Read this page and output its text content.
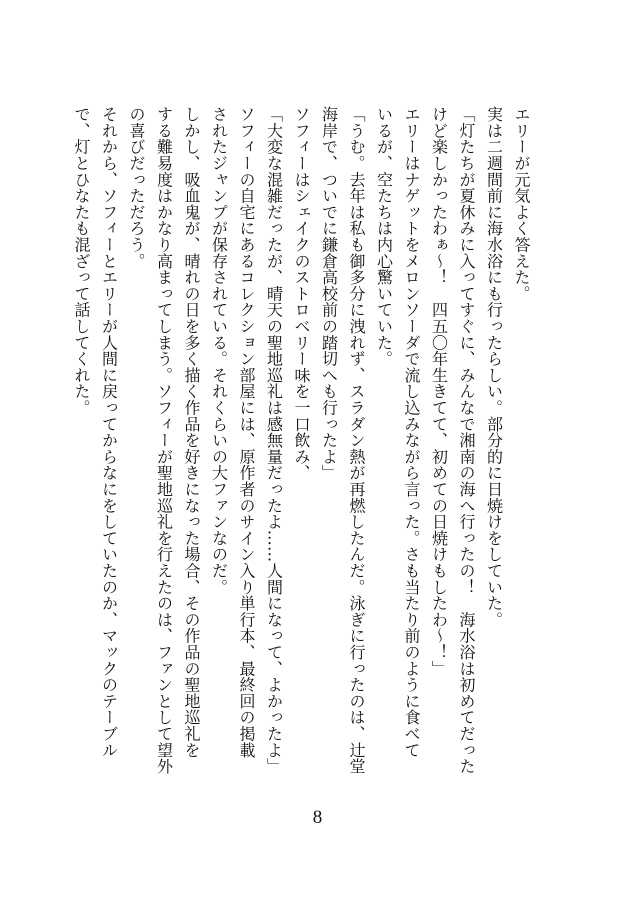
エリーが元気よく答えた。
実は二週間前に海水浴にも行ったらしい。部分的に日焼けをしていた。
「灯たちが夏休みに入ってすぐに、みんなで湘南の海へ行ったの！　海水浴は初めてだった
けど楽しかったわぁ〜！　四五〇年生きてて、初めての日焼けもしたわ〜！」
エリーはナゲットをメロンソーダで流し込みながら言った。さも当たり前のように食べて
いるが、空たちは内心驚いていた。
「うむ。去年は私も御多分に洩れず、スラダン熱が再燃したんだ。泳ぎに行ったのは、辻堂
海岸で、ついでに鎌倉高校前の踏切へも行ったよ」
ソフィーはシェイクのストロベリー味を一口飲み、
「大変な混雑だったが、晴天の聖地巡礼は感無量だったよ……人間になって、よかったよ」
ソフィーの自宅にあるコレクション部屋には、原作者のサイン入り単行本、最終回の掲載
されたジャンプが保存されている。それくらいの大ファンなのだ。
しかし、吸血鬼が、晴れの日を多く描く作品を好きになった場合、その作品の聖地巡礼を
する難易度はかなり高まってしまう。ソフィーが聖地巡礼を行えたのは、ファンとして望外
の喜びだっただろう。
それから、ソフィーとエリーが人間に戻ってからなにをしていたのか、マックのテーブル
で、灯とひなたも混ざって話してくれた。
8
